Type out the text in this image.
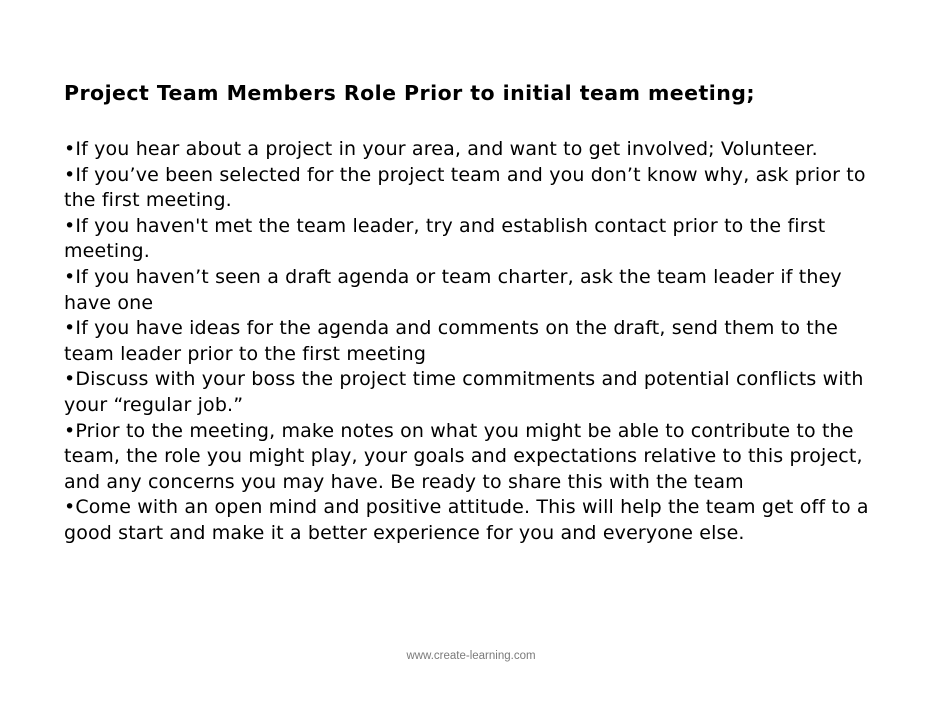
Project Team Members Role Prior to initial team meeting;
•If you hear about a project in your area, and want to get involved; Volunteer.
•If you’ve been selected for the project team and you don’t know why, ask prior to the first meeting.
•If you haven't met the team leader, try and establish contact prior to the first meeting.
•If you haven’t seen a draft agenda or team charter, ask the team leader if they have one
•If you have ideas for the agenda and comments on the draft, send them to the team leader prior to the first meeting
•Discuss with your boss the project time commitments and potential conflicts with your “regular job.”
•Prior to the meeting, make notes on what you might be able to contribute to the team, the role you might play, your goals and expectations relative to this project, and any concerns you may have. Be ready to share this with the team
•Come with an open mind and positive attitude. This will help the team get off to a good start and make it a better experience for you and everyone else.
www.create-learning.com
